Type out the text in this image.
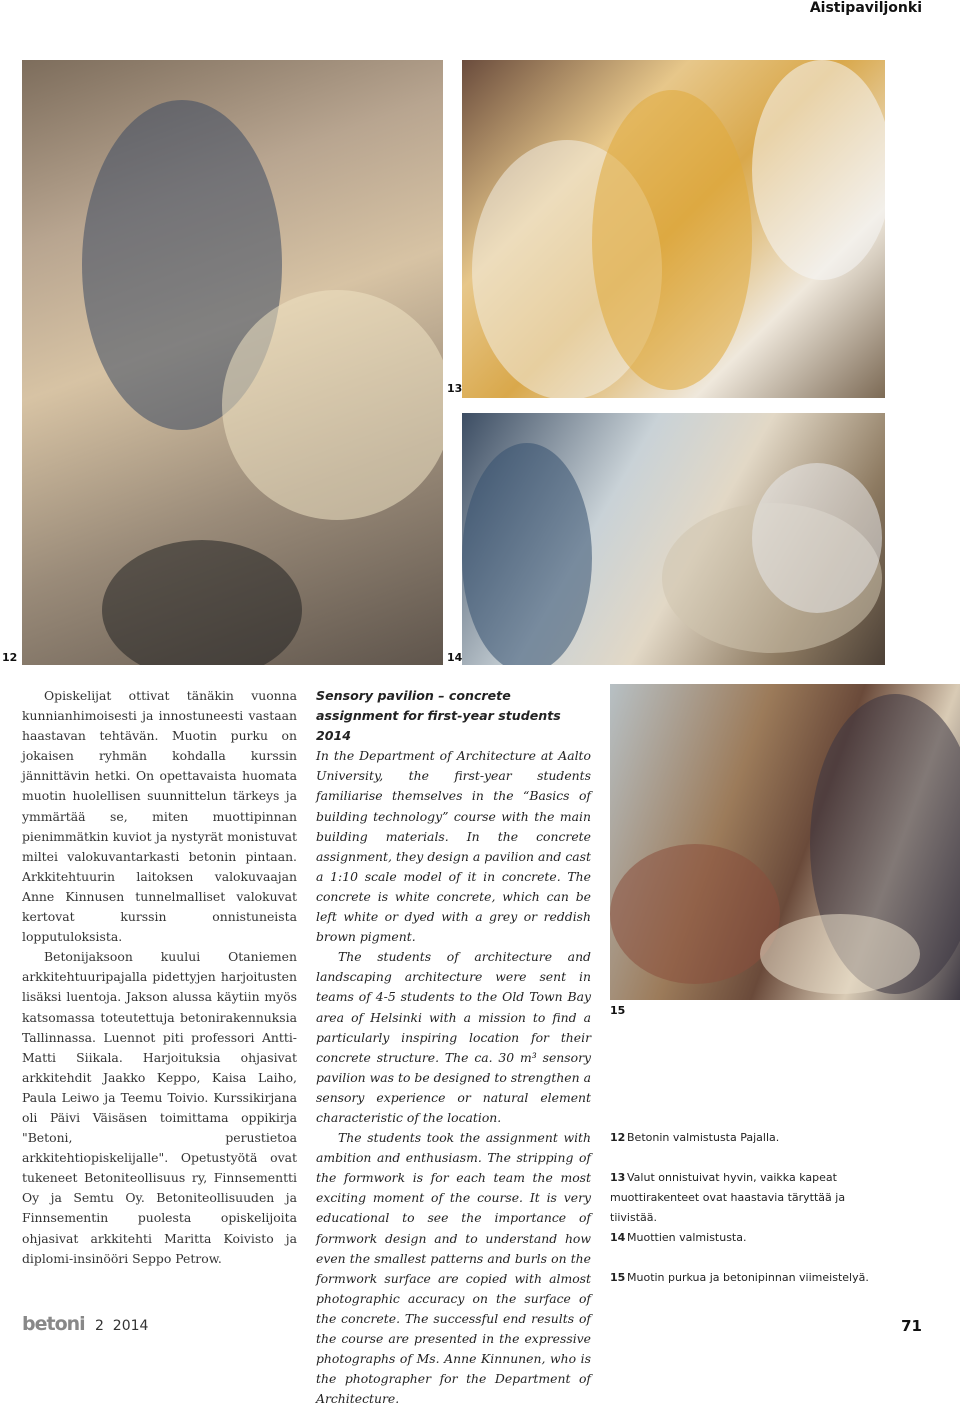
Aistipaviljonki
12
13
14
15

Opiskelijat ottivat tänäkin vuonna kunnianhimoisesti ja innostuneesti vastaan haastavan tehtävän. Muotin purku on jokaisen ryhmän kohdalla kurssin jännittävin hetki. On opettavaista huomata muotin huolellisen suunnittelun tärkeys ja ymmärtää se, miten muottipinnan pienimmätkin kuviot ja nystyrät monistuvat miltei valokuvantarkasti betonin pintaan. Arkkitehtuurin laitoksen valokuvaajan Anne Kinnusen tunnelmalliset valokuvat kertovat kurssin onnistuneista lopputuloksista.

Betonijaksoon kuului Otaniemen arkkitehtuuripajalla pidettyjen harjoitusten lisäksi luentoja. Jakson alussa käytiin myös katsomassa toteutettuja betonirakennuksia Tallinnassa. Luennot piti professori Antti-Matti Siikala. Harjoituksia ohjasivat arkkitehdit Jaakko Keppo, Kaisa Laiho, Paula Leiwo ja Teemu Toivio. Kurssikirjana oli Päivi Väisäsen toimittama oppikirja "Betoni, perustietoa arkkitehtiopiskelijalle". Opetustyötä ovat tukeneet Betoniteollisuus ry, Finnsementti Oy ja Semtu Oy. Betoniteollisuuden ja Finnsementin puolesta opiskelijoita ohjasivat arkkitehti Maritta Koivisto ja diplomi-insinööri Seppo Petrow.

Sensory pavilion – concrete assignment for first-year students 2014

In the Department of Architecture at Aalto University, the first-year students familiarise themselves in the “Basics of building technology” course with the main building materials. In the concrete assignment, they design a pavilion and cast a 1:10 scale model of it in concrete. The concrete is white concrete, which can be left white or dyed with a grey or reddish brown pigment.

The students of architecture and landscaping architecture were sent in teams of 4-5 students to the Old Town Bay area of Helsinki with a mission to find a particularly inspiring location for their concrete structure. The ca. 30 m³ sensory pavilion was to be designed to strengthen a sensory experience or natural element characteristic of the location.

The students took the assignment with ambition and enthusiasm. The stripping of the formwork is for each team the most exciting moment of the course. It is very educational to see the importance of formwork design and to understand how even the smallest patterns and burls on the formwork surface are copied with almost photographic accuracy on the surface of the concrete. The successful end results of the course are presented in the expressive photographs of Ms. Anne Kinnunen, who is the photographer for the Department of Architecture.

12 Betonin valmistusta Pajalla.
13 Valut onnistuivat hyvin, vaikka kapeat muottirakenteet ovat haastavia täryttää ja tiivistää.
14 Muottien valmistusta.
15 Muotin purkua ja betonipinnan viimeistelyä.
betoni 2  2014	71
